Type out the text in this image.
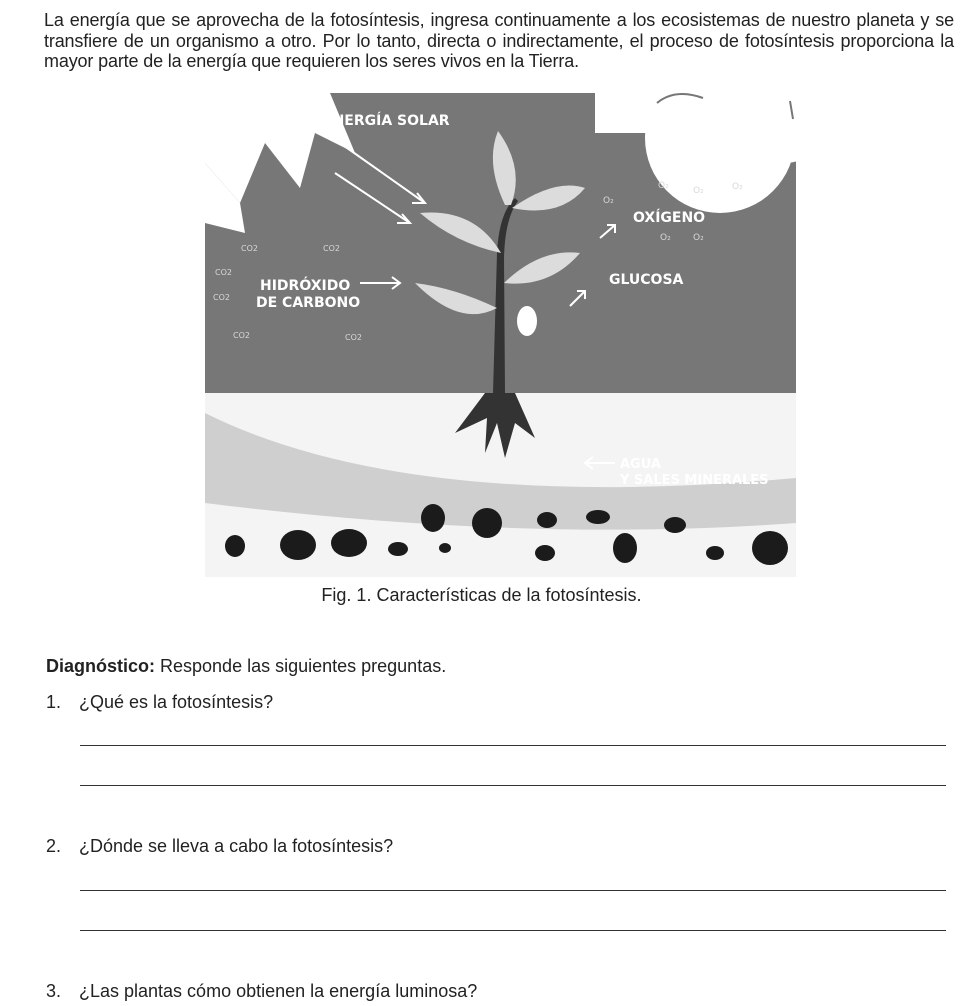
La energía que se aprovecha de la fotosíntesis, ingresa continuamente a los ecosistemas de nuestro planeta y se transfiere de un organismo a otro. Por lo tanto, directa o indirectamente, el proceso de fotosíntesis proporciona la mayor parte de la energía que requieren los seres vivos en la Tierra.
ENERGÍA SOLAR
OXÍGENO
HIDRÓXIDO
DE CARBONO
GLUCOSA
AGUA
Y SALES MINERALES
CO2	CO2
CO2
CO2
CO2	CO2
O₂	O₂	O₂
O₂
O₂ O₂
Fig. 1. Características de la fotosíntesis.
Diagnóstico: Responde las siguientes preguntas.
1. ¿Qué es la fotosíntesis?
2. ¿Dónde se lleva a cabo la fotosíntesis?
3. ¿Las plantas cómo obtienen la energía luminosa?
